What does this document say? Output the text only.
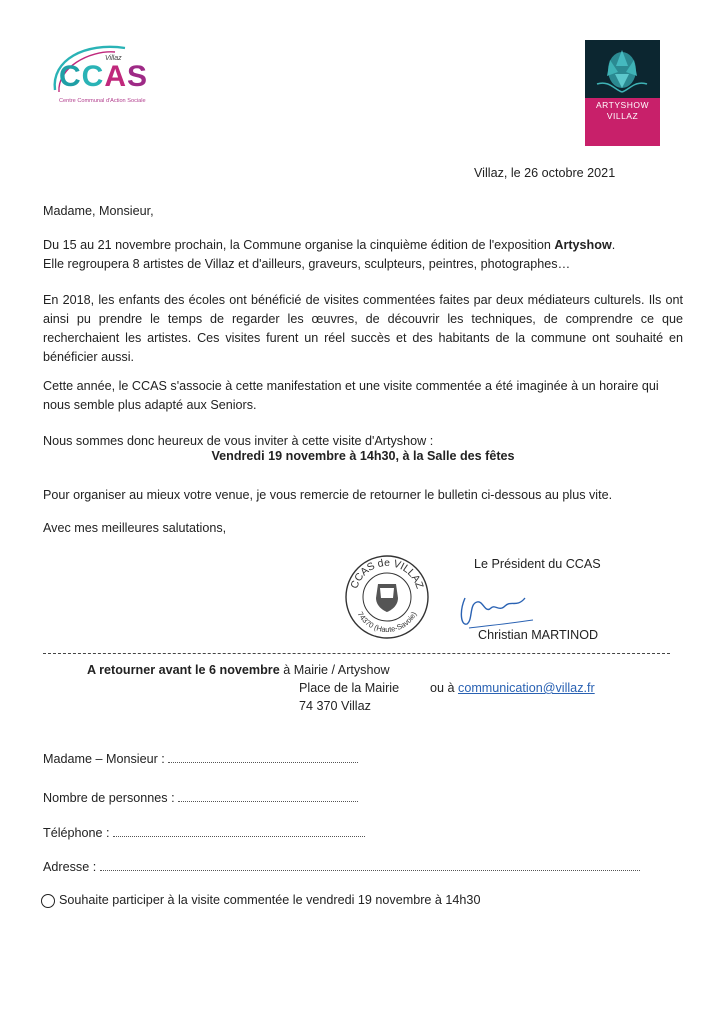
Villaz
CCAS
Centre Communal d'Action Sociale	ARTYSHOW
VILLAZ

Villaz, le 26 octobre 2021

Madame, Monsieur,

Du 15 au 21 novembre prochain, la Commune organise la cinquième édition de l'exposition Artyshow.
Elle regroupera 8 artistes de Villaz et d'ailleurs, graveurs, sculpteurs, peintres, photographes…

En 2018, les enfants des écoles ont bénéficié de visites commentées faites par deux médiateurs culturels. Ils ont ainsi pu prendre le temps de regarder les œuvres, de découvrir les techniques, de comprendre ce que recherchaient les artistes. Ces visites furent un réel succès et des habitants de la commune ont souhaité en bénéficier aussi.

Cette année, le CCAS s'associe à cette manifestation et une visite commentée a été imaginée à un horaire qui nous semble plus adapté aux Seniors.

Nous sommes donc heureux de vous inviter à cette visite d'Artyshow :

Vendredi 19 novembre à 14h30, à la Salle des fêtes

Pour organiser au mieux votre venue, je vous remercie de retourner le bulletin ci-dessous au plus vite.

Avec mes meilleures salutations,

CCAS de VILLAZ
74370 (Haute-Savoie)

Le Président du CCAS

Christian MARTINOD

A retourner avant le 6 novembre à Mairie / Artyshow

Place de la Mairie

74 370 Villaz

ou à communication@villaz.fr

Madame – Monsieur :
Nombre de personnes :
Téléphone :
Adresse :

Souhaite participer à la visite commentée le vendredi 19 novembre à 14h30
